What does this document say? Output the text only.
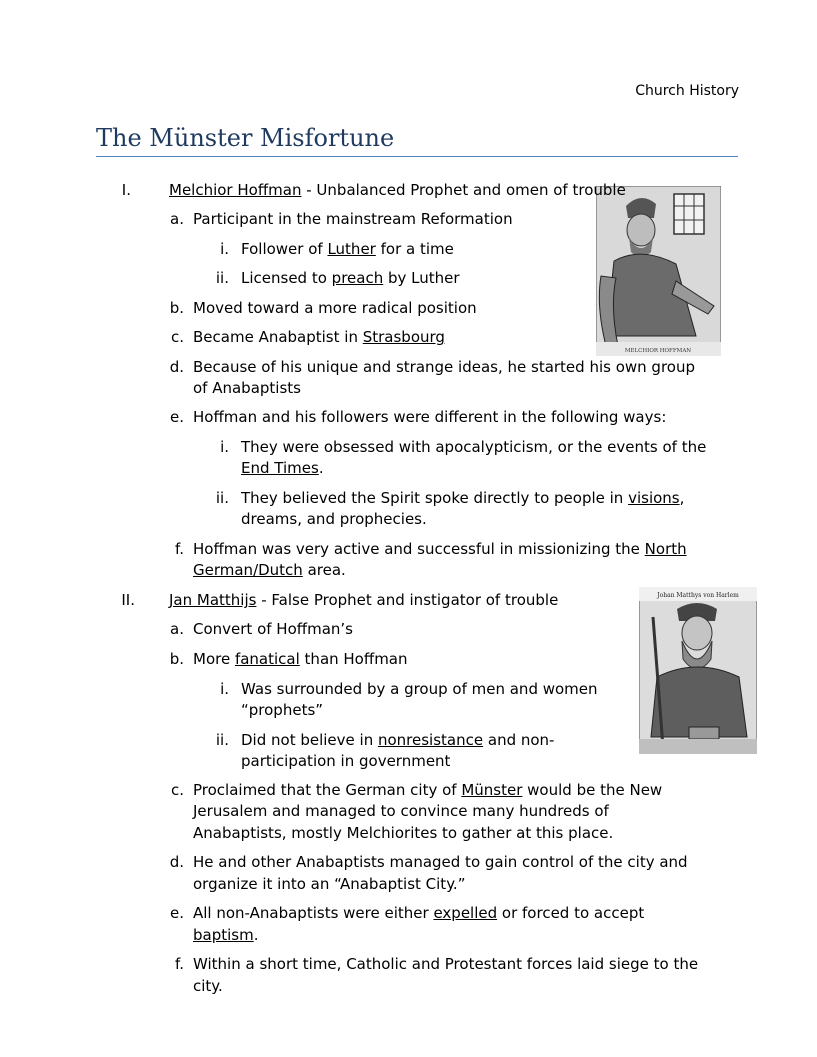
Church History
The Münster Misfortune
MELCHIOR HOFFMAN
Johan Matthys von Harlem
I.	Melchior Hoffman - Unbalanced Prophet and omen of trouble
a. Participant in the mainstream Reformation
i. Follower of Luther for a time
ii. Licensed to preach by Luther
b. Moved toward a more radical position
c. Became Anabaptist in Strasbourg
d. Because of his unique and strange ideas, he started his own group
of Anabaptists
e. Hoffman and his followers were different in the following ways:
i. They were obsessed with apocalypticism, or the events of the
End Times.
ii. They believed the Spirit spoke directly to people in visions,
dreams, and prophecies.
f. Hoffman was very active and successful in missionizing the North
German/Dutch area.
II. Jan Matthijs - False Prophet and instigator of trouble
a. Convert of Hoffman’s
b. More fanatical than Hoffman
i. Was surrounded by a group of men and women
“prophets”
ii. Did not believe in nonresistance and non-
participation in government
c. Proclaimed that the German city of Münster would be the New
Jerusalem and managed to convince many hundreds of
Anabaptists, mostly Melchiorites to gather at this place.
d. He and other Anabaptists managed to gain control of the city and
organize it into an “Anabaptist City.”
e. All non-Anabaptists were either expelled or forced to accept
baptism.
f. Within a short time, Catholic and Protestant forces laid siege to the
city.
